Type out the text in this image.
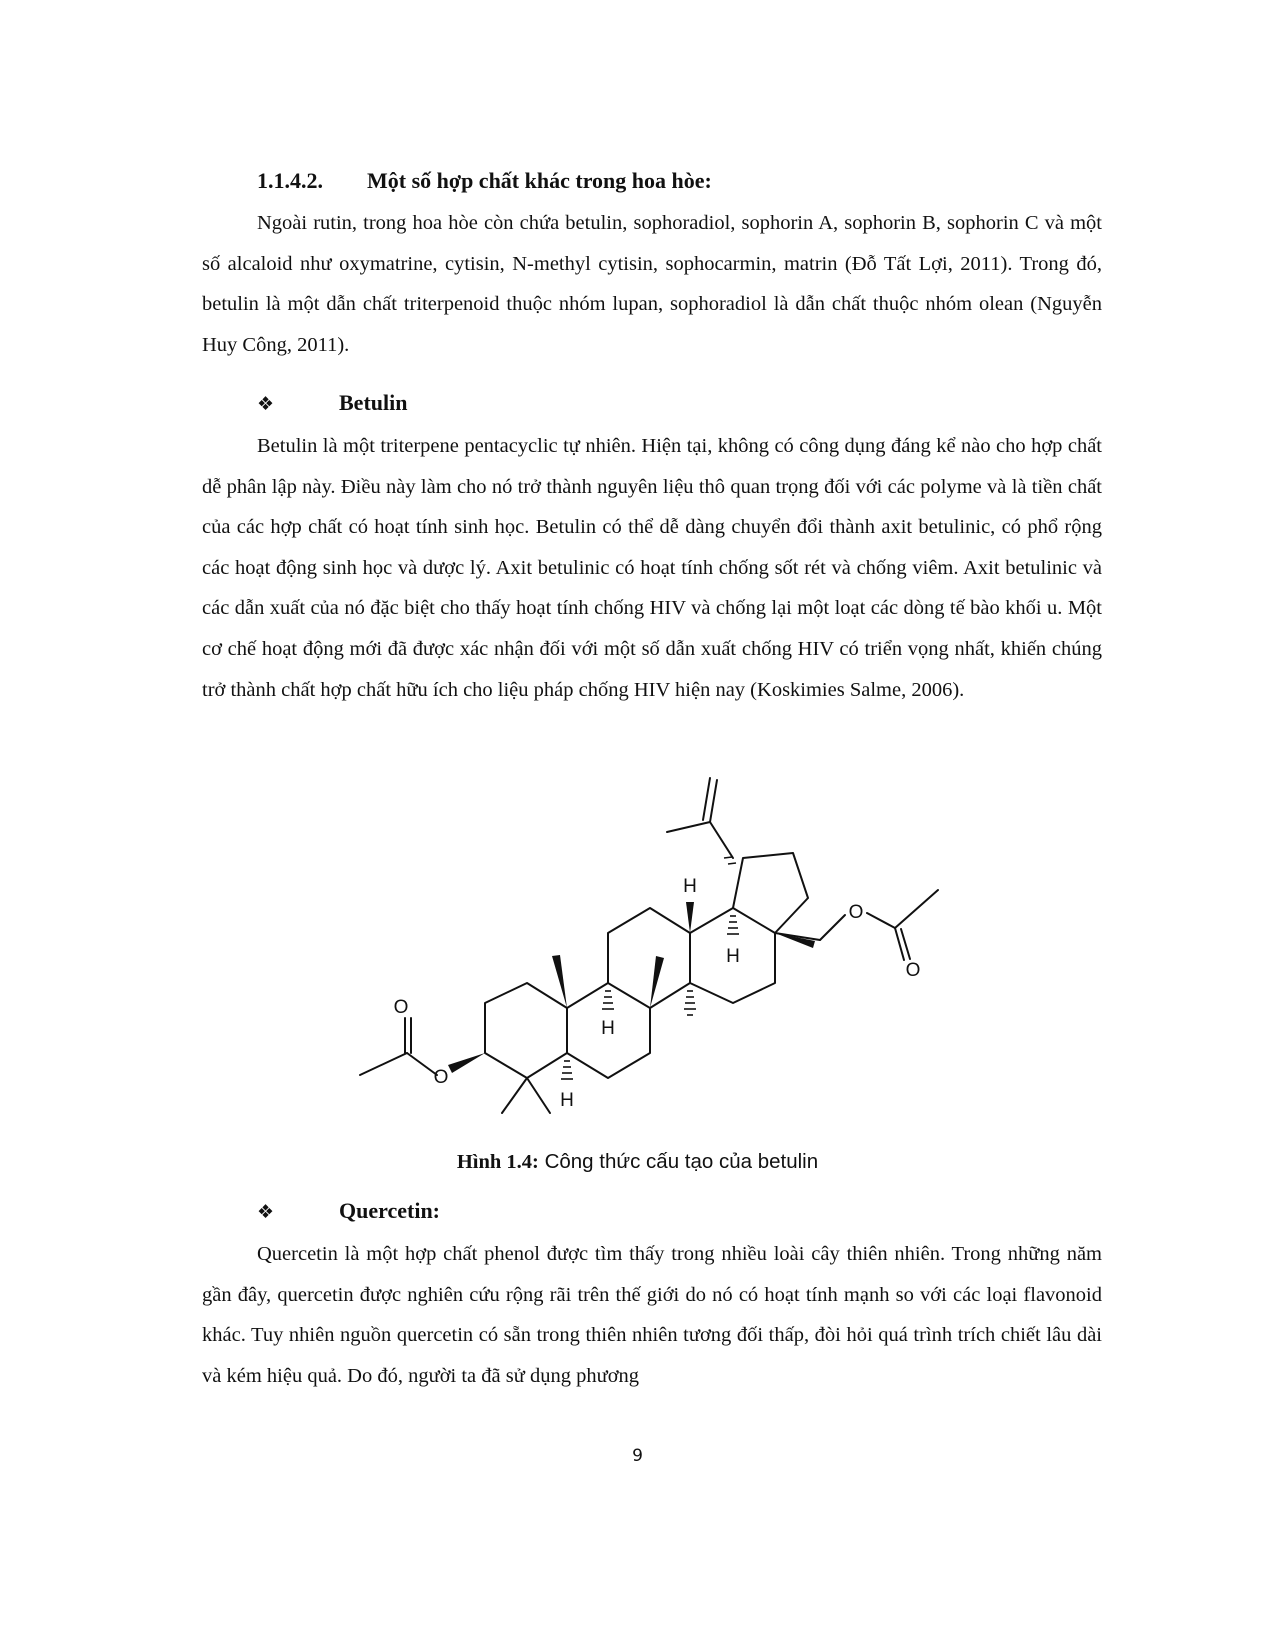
1.1.4.2. Một số hợp chất khác trong hoa hòe:

Ngoài rutin, trong hoa hòe còn chứa betulin, sophoradiol, sophorin A, sophorin B, sophorin C và một số alcaloid như oxymatrine, cytisin, N-methyl cytisin, sophocarmin, matrin (Đỗ Tất Lợi, 2011). Trong đó, betulin là một dẫn chất triterpenoid thuộc nhóm lupan, sophoradiol là dẫn chất thuộc nhóm olean (Nguyễn Huy Công, 2011).

❖	Betulin

Betulin là một triterpene pentacyclic tự nhiên. Hiện tại, không có công dụng đáng kể nào cho hợp chất dễ phân lập này. Điều này làm cho nó trở thành nguyên liệu thô quan trọng đối với các polyme và là tiền chất của các hợp chất có hoạt tính sinh học. Betulin có thể dễ dàng chuyển đổi thành axit betulinic, có phổ rộng các hoạt động sinh học và dược lý. Axit betulinic có hoạt tính chống sốt rét và chống viêm. Axit betulinic và các dẫn xuất của nó đặc biệt cho thấy hoạt tính chống HIV và chống lại một loạt các dòng tế bào khối u. Một cơ chế hoạt động mới đã được xác nhận đối với một số dẫn xuất chống HIV có triển vọng nhất, khiến chúng trở thành chất hợp chất hữu ích cho liệu pháp chống HIV hiện nay (Koskimies Salme, 2006).

H
H
H
H
O
O
O
O
Hình 1.4: Công thức cấu tạo của betulin
❖	Quercetin:

Quercetin là một hợp chất phenol được tìm thấy trong nhiều loài cây thiên nhiên. Trong những năm gần đây, quercetin được nghiên cứu rộng rãi trên thế giới do nó có hoạt tính mạnh so với các loại flavonoid khác. Tuy nhiên nguồn quercetin có sẵn trong thiên nhiên tương đối thấp, đòi hỏi quá trình trích chiết lâu dài và kém hiệu quả. Do đó, người ta đã sử dụng phương

9
